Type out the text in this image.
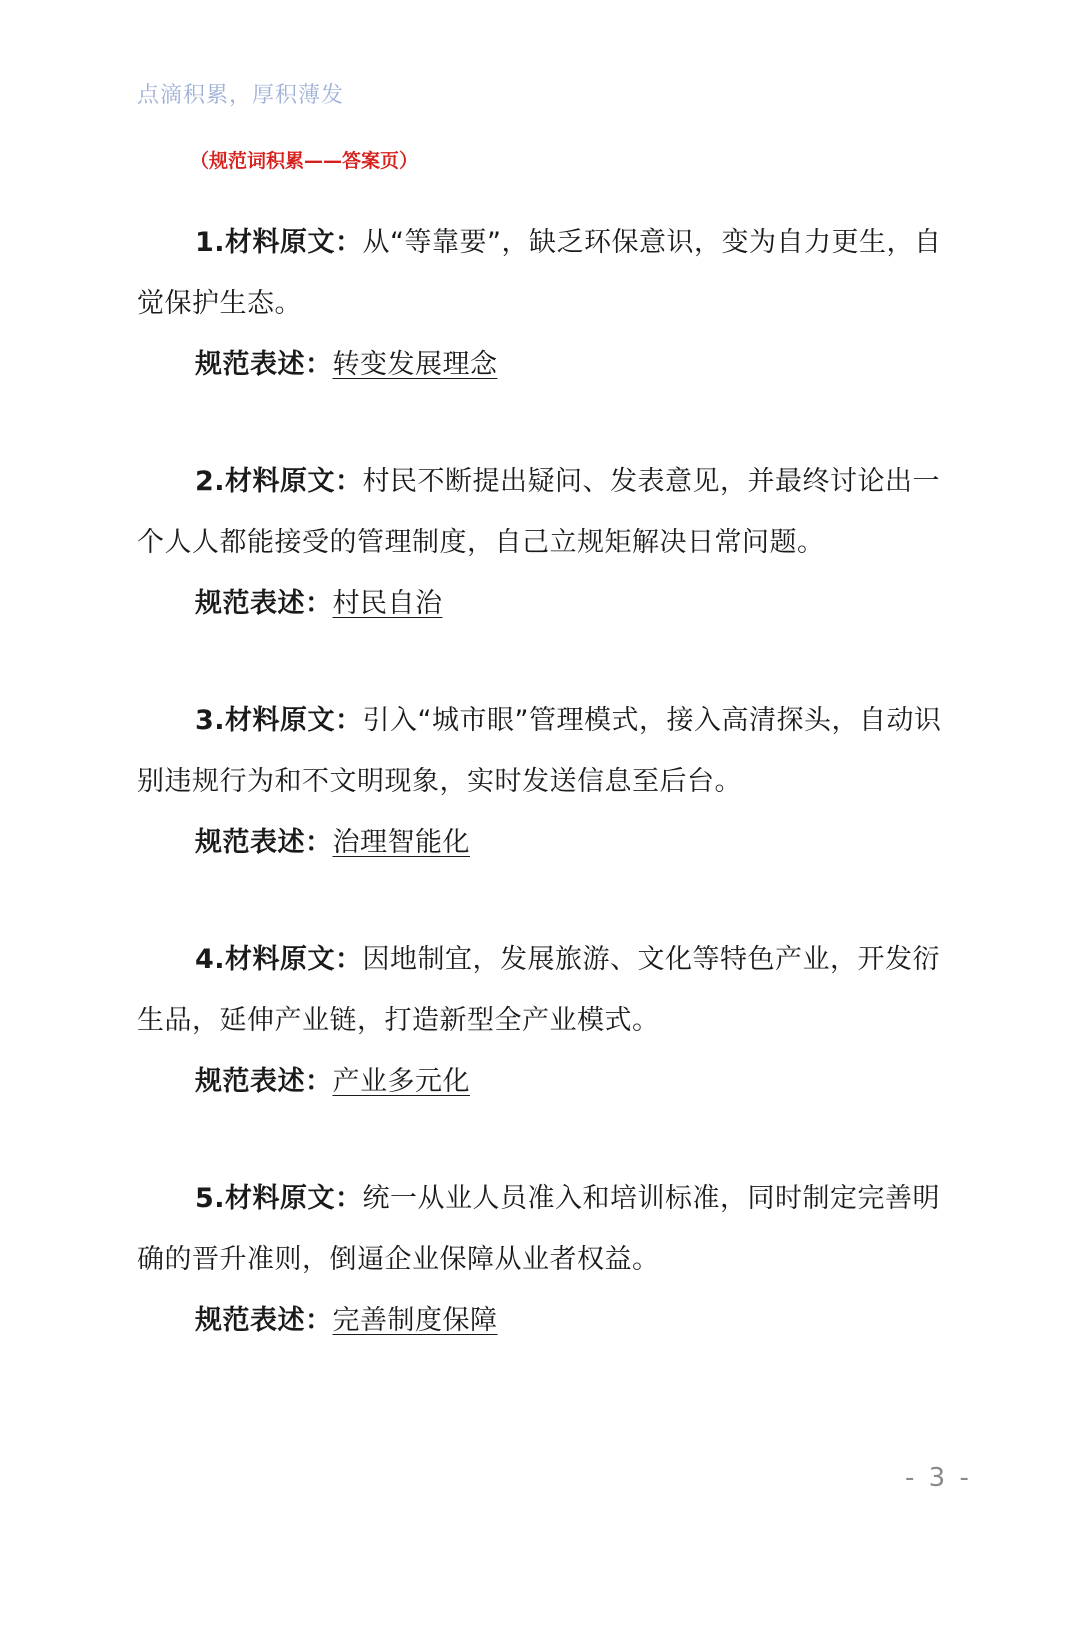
点滴积累，厚积薄发
（规范词积累——答案页）

1.材料原文：从“等靠要”，缺乏环保意识，变为自力更生，自觉保护生态。

规范表述：转变发展理念

2.材料原文：村民不断提出疑问、发表意见，并最终讨论出一个人人都能接受的管理制度，自己立规矩解决日常问题。

规范表述：村民自治

3.材料原文：引入“城市眼”管理模式，接入高清探头，自动识别违规行为和不文明现象，实时发送信息至后台。

规范表述：治理智能化

4.材料原文：因地制宜，发展旅游、文化等特色产业，开发衍生品，延伸产业链，打造新型全产业模式。

规范表述：产业多元化

5.材料原文：统一从业人员准入和培训标准，同时制定完善明确的晋升准则，倒逼企业保障从业者权益。

规范表述：完善制度保障

- 3 -
